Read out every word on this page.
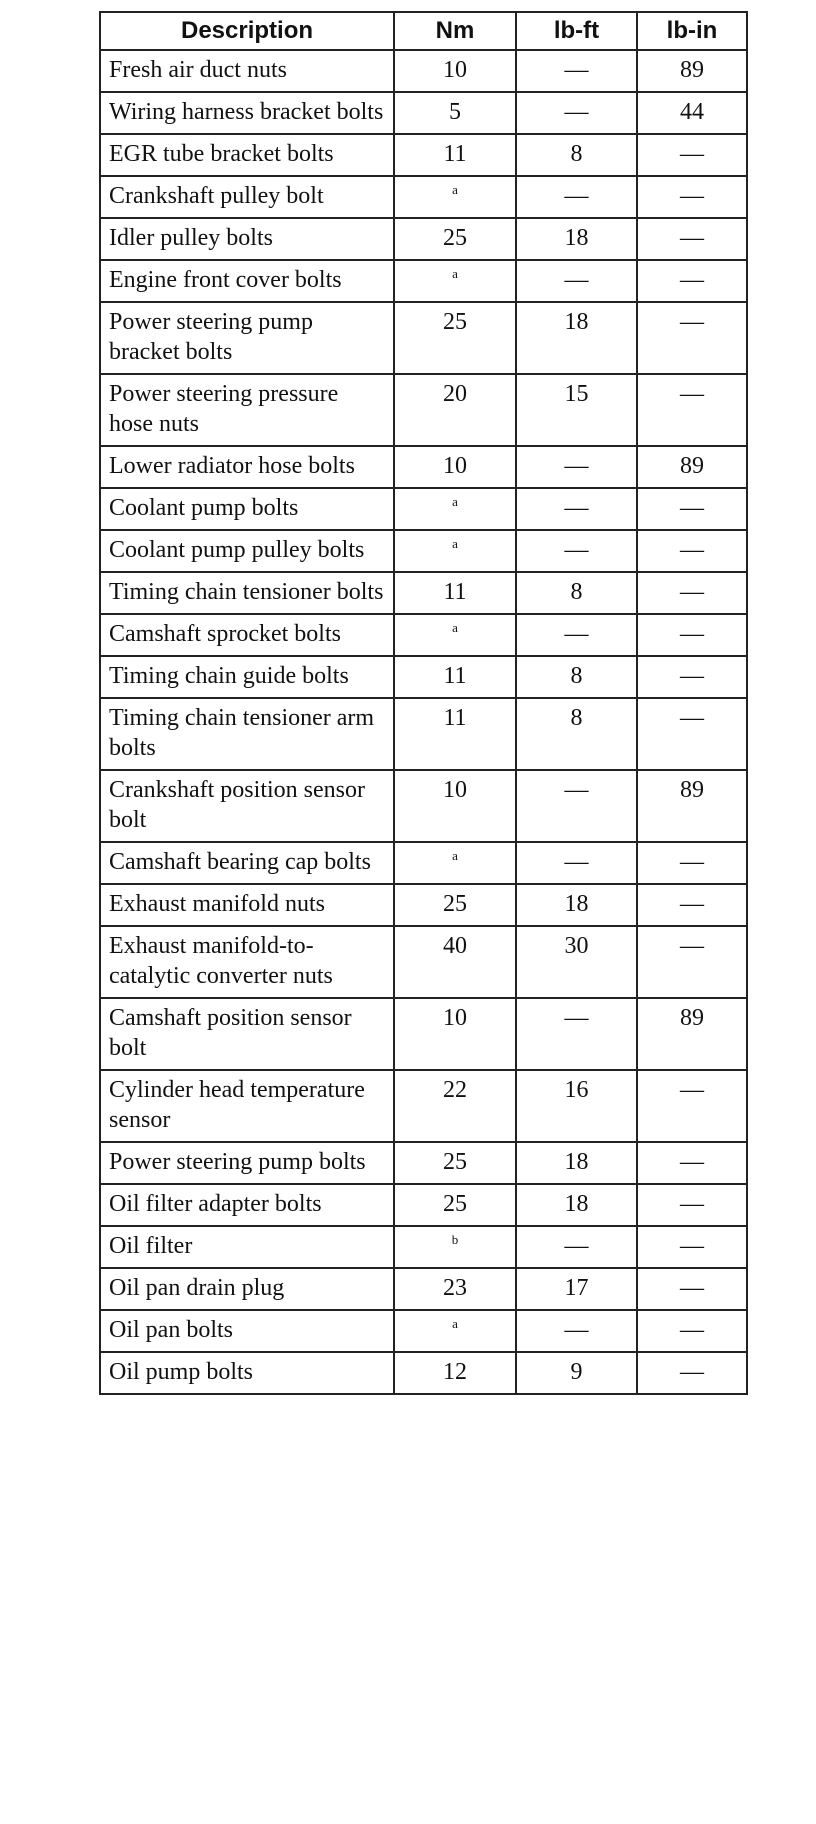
Description	Nm	lb-ft	lb-in
Fresh air duct nuts	10	—	89
Wiring harness bracket bolts	5	—	44
EGR tube bracket bolts	11	8	—
Crankshaft pulley bolt	$^a$	—	—
Idler pulley bolts	25	18	—
Engine front cover bolts	$^a$	—	—
Power steering pump bracket bolts	25	18	—
Power steering pressure hose nuts	20	15	—
Lower radiator hose bolts	10	—	89
Coolant pump bolts	$^a$	—	—
Coolant pump pulley bolts	$^a$	—	—
Timing chain tensioner bolts	11	8	—
Camshaft sprocket bolts	$^a$	—	—
Timing chain guide bolts	11	8	—
Timing chain tensioner arm bolts	11	8	—
Crankshaft position sensor bolt	10	—	89
Camshaft bearing cap bolts	$^a$	—	—
Exhaust manifold nuts	25	18	—
Exhaust manifold-to-catalytic converter nuts	40	30	—
Camshaft position sensor bolt	10	—	89
Cylinder head temperature sensor	22	16	—
Power steering pump bolts	25	18	—
Oil filter adapter bolts	25	18	—
Oil filter	$^b$	—	—
Oil pan drain plug	23	17	—
Oil pan bolts	$^a$	—	—
Oil pump bolts	12	9	—
